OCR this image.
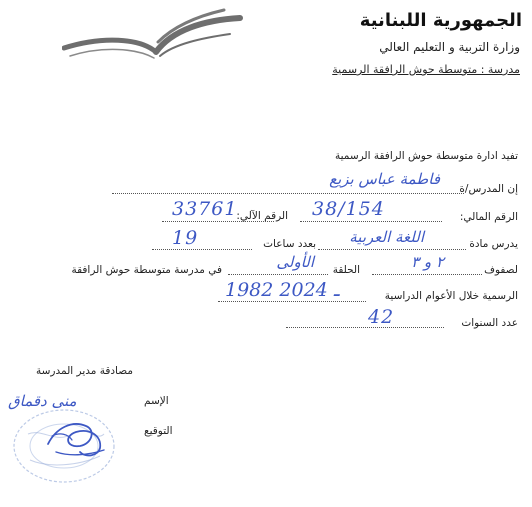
الجمهورية اللبنانية
وزارة التربية و التعليم العالي
مدرسة : متوسطة حوش الرافقة الرسمية
تفيد ادارة متوسطة حوش الرافقة الرسمية
إن المدرس/ة
فاطمة عباس بزيع
الرقم المالي:
38/154
الرقم الآلي:
33761
يدرس مادة
اللغة العربية
بعدد ساعات
19
لصفوف
٢ و ٣
الحلقة
الأولى
في مدرسة متوسطة حوش الرافقة
الرسمية خلال الأعوام الدراسية
1982 ـ 2024
عدد السنوات
42
مصادقة مدير المدرسة
الإسم
منى دقماق
التوقيع
